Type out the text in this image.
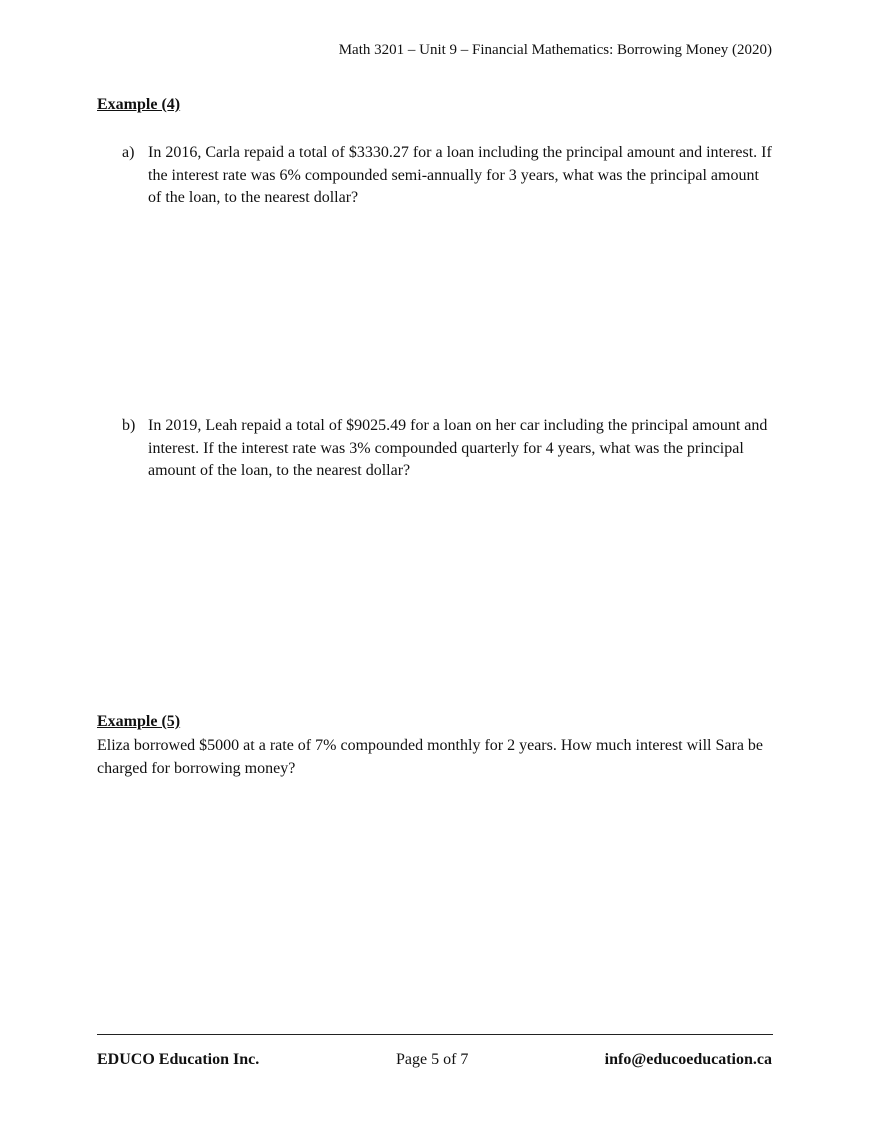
Math 3201 – Unit 9 – Financial Mathematics: Borrowing Money (2020)
Example (4)
a) In 2016, Carla repaid a total of $3330.27 for a loan including the principal amount and interest. If the interest rate was 6% compounded semi-annually for 3 years, what was the principal amount of the loan, to the nearest dollar?
b) In 2019, Leah repaid a total of $9025.49 for a loan on her car including the principal amount and interest. If the interest rate was 3% compounded quarterly for 4 years, what was the principal amount of the loan, to the nearest dollar?
Example (5)
Eliza borrowed $5000 at a rate of 7% compounded monthly for 2 years. How much interest will Sara be charged for borrowing money?
EDUCO Education Inc.	Page 5 of 7	info@educoeducation.ca
